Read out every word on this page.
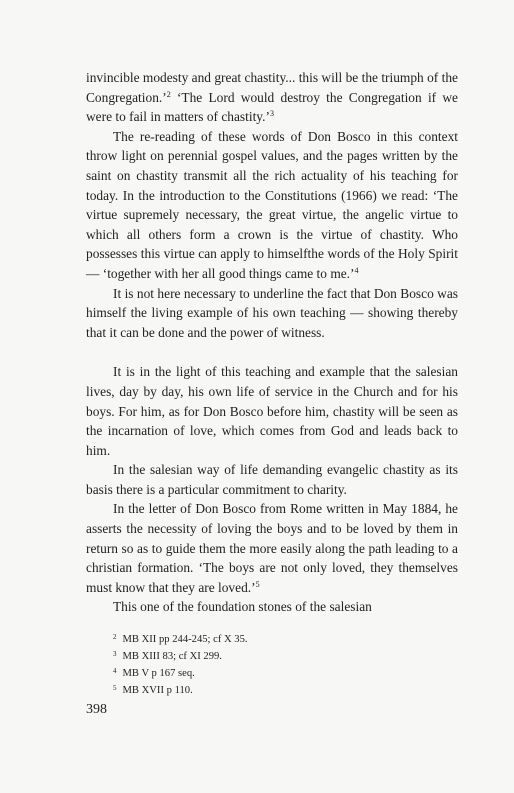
invincible modesty and great chastity... this will be the triumph of the Congregation.’$^2$ ‘The Lord would destroy the Congregation if we were to fail in matters of chastity.’$^3$

The re-reading of these words of Don Bosco in this context throw light on perennial gospel values, and the pages written by the saint on chastity transmit all the rich actuality of his teaching for today. In the introduction to the Constitutions (1966) we read: ‘The virtue supremely necessary, the great virtue, the angelic virtue to which all others form a crown is the virtue of chastity. Who possesses this virtue can apply to himselfthe words of the Holy Spirit — ‘together with her all good things came to me.’$^4$

It is not here necessary to underline the fact that Don Bosco was himself the living example of his own teaching — showing thereby that it can be done and the power of witness.

It is in the light of this teaching and example that the salesian lives, day by day, his own life of service in the Church and for his boys. For him, as for Don Bosco before him, chastity will be seen as the incarnation of love, which comes from God and leads back to him.

In the salesian way of life demanding evangelic chastity as its basis there is a particular commitment to charity.

In the letter of Don Bosco from Rome written in May 1884, he asserts the necessity of loving the boys and to be loved by them in return so as to guide them the more easily along the path leading to a christian formation. ‘The boys are not only loved, they themselves must know that they are loved.’$^5$

This one of the foundation stones of the salesian

$^2$ MB XII pp 244-245; cf X 35.
$^3$ MB XIII 83; cf XI 299.
$^4$ MB V p 167 seq.
$^5$ MB XVII p 110.
398
